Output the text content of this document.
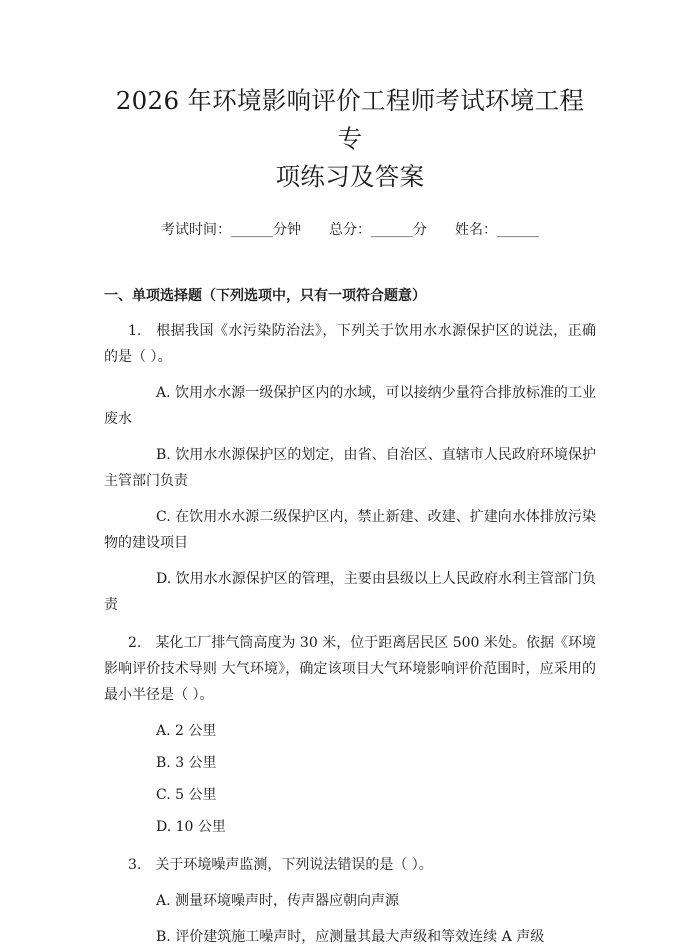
2026 年环境影响评价工程师考试环境工程专
项练习及答案
考试时间：______分钟 总分：______分 姓名：______
一、单项选择题（下列选项中，只有一项符合题意）
1.　根据我国《水污染防治法》，下列关于饮用水水源保护区的说法，正确的是（ ）。
A. 饮用水水源一级保护区内的水域，可以接纳少量符合排放标准的工业废水
B. 饮用水水源保护区的划定，由省、自治区、直辖市人民政府环境保护主管部门负责
C. 在饮用水水源二级保护区内，禁止新建、改建、扩建向水体排放污染物的建设项目
D. 饮用水水源保护区的管理，主要由县级以上人民政府水利主管部门负责
2.　某化工厂排气筒高度为 30 米，位于距离居民区 500 米处。依据《环境影响评价技术导则 大气环境》，确定该项目大气环境影响评价范围时，应采用的最小半径是（ ）。
A. 2 公里
B. 3 公里
C. 5 公里
D. 10 公里
3.　关于环境噪声监测，下列说法错误的是（ ）。
A. 测量环境噪声时，传声器应朝向声源
B. 评价建筑施工噪声时，应测量其最大声级和等效连续 A 声级
